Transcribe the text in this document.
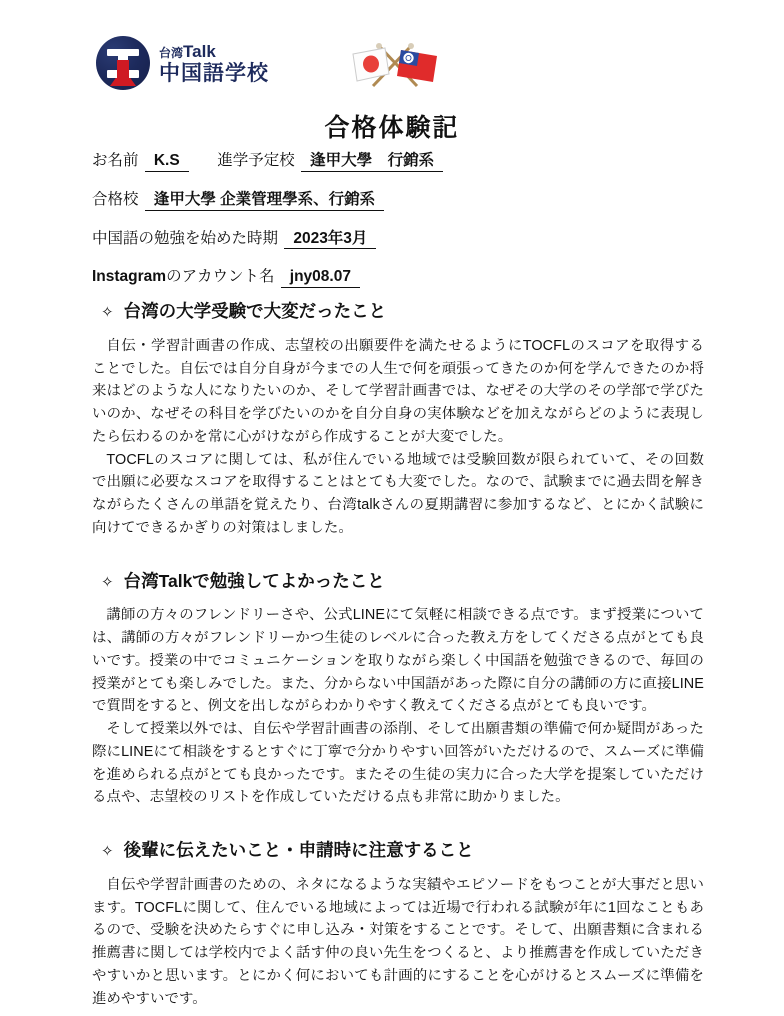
台湾Talk
中国語学校
合格体験記
お名前 K.S 進学予定校 逢甲大學　行銷系
合格校 逢甲大學 企業管理學系、行銷系
中国語の勉強を始めた時期 2023年3月
Instagramのアカウント名 jny08.07
✧ 台湾の大学受験で大変だったこと

自伝・学習計画書の作成、志望校の出願要件を満たせるようにTOCFLのスコアを取得することでした。自伝では自分自身が今までの人生で何を頑張ってきたのか何を学んできたのか将来はどのような人になりたいのか、そして学習計画書では、なぜその大学のその学部で学びたいのか、なぜその科目を学びたいのかを自分自身の実体験などを加えながらどのように表現したら伝わるのかを常に心がけながら作成することが大変でした。

TOCFLのスコアに関しては、私が住んでいる地域では受験回数が限られていて、その回数で出願に必要なスコアを取得することはとても大変でした。なので、試験までに過去問を解きながらたくさんの単語を覚えたり、台湾talkさんの夏期講習に参加するなど、とにかく試験に向けてできるかぎりの対策はしました。

✧ 台湾Talkで勉強してよかったこと

講師の方々のフレンドリーさや、公式LINEにて気軽に相談できる点です。まず授業については、講師の方々がフレンドリーかつ生徒のレベルに合った教え方をしてくださる点がとても良いです。授業の中でコミュニケーションを取りながら楽しく中国語を勉強できるので、毎回の授業がとても楽しみでした。また、分からない中国語があった際に自分の講師の方に直接LINEで質問をすると、例文を出しながらわかりやすく教えてくださる点がとても良いです。

そして授業以外では、自伝や学習計画書の添削、そして出願書類の準備で何か疑問があった際にLINEにて相談をするとすぐに丁寧で分かりやすい回答がいただけるので、スムーズに準備を進められる点がとても良かったです。またその生徒の実力に合った大学を提案していただける点や、志望校のリストを作成していただける点も非常に助かりました。

✧ 後輩に伝えたいこと・申請時に注意すること

自伝や学習計画書のための、ネタになるような実績やエピソードをもつことが大事だと思います。TOCFLに関して、住んでいる地域によっては近場で行われる試験が年に1回なこともあるので、受験を決めたらすぐに申し込み・対策をすることです。そして、出願書類に含まれる推薦書に関しては学校内でよく話す仲の良い先生をつくると、より推薦書を作成していただきやすいかと思います。とにかく何においても計画的にすることを心がけるとスムーズに準備を進めやすいです。
